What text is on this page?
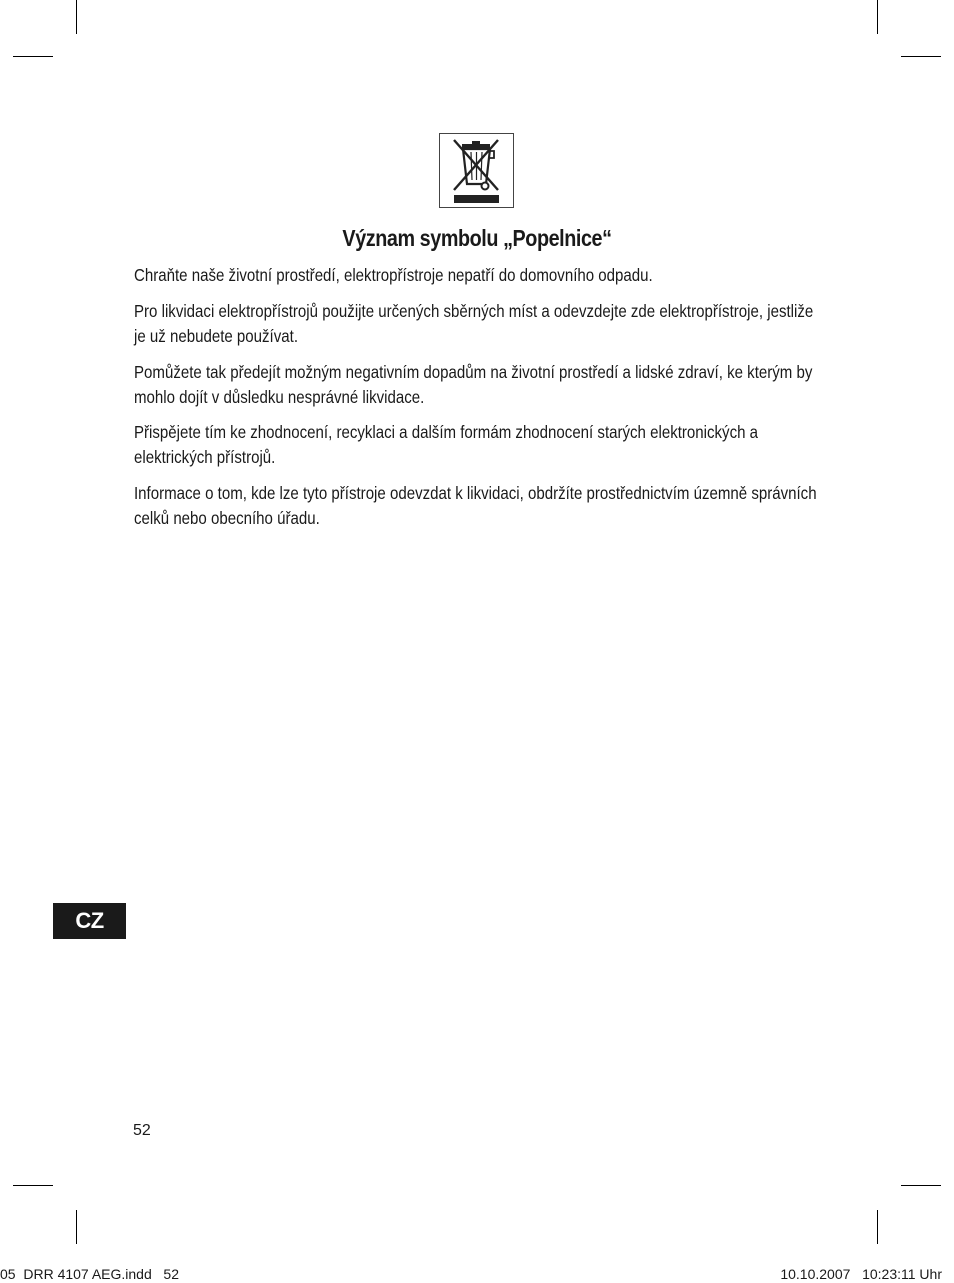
Význam symbolu „Popelnice“

Chraňte naše životní prostředí, elektropřístroje nepatří do domovního odpadu.

Pro likvidaci elektropřístrojů použijte určených sběrných míst a odevzdejte zde elektropřístroje, jestliže je už nebudete používat.

Pomůžete tak předejít možným negativním dopadům na životní prostředí a lidské zdraví, ke kterým by mohlo dojít v důsledku nesprávné likvidace.

Přispějete tím ke zhodnocení, recyklaci a dalším formám zhodnocení starých elektronických a elektrických přístrojů.

Informace o tom, kde lze tyto přístroje odevzdat k likvidaci, obdržíte prostřednictvím územně správních celků nebo obecního úřadu.

CZ
52
05  DRR 4107 AEG.indd   52	10.10.2007   10:23:11 Uhr
